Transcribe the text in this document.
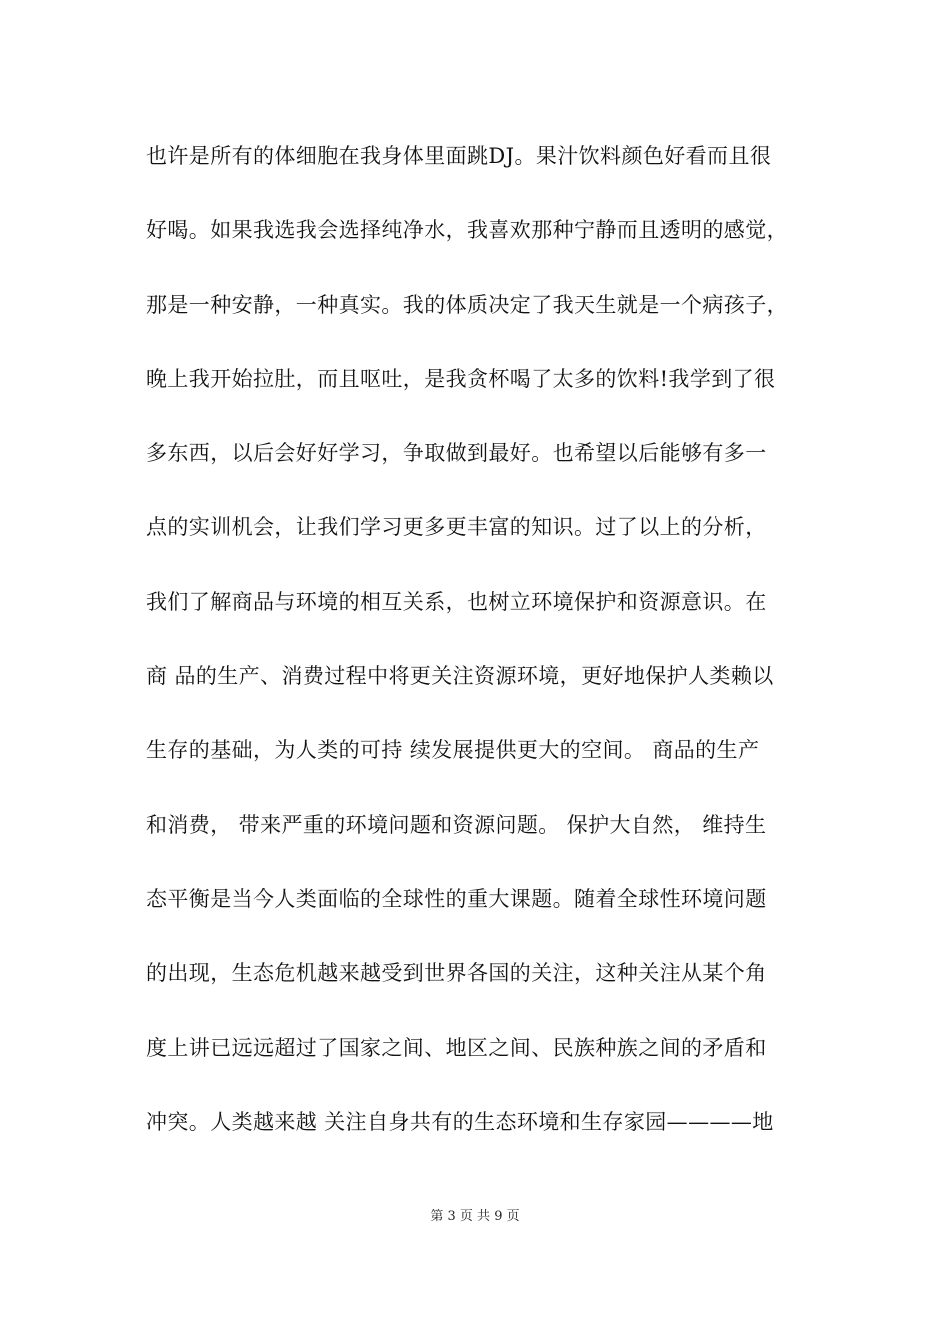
也许是所有的体细胞在我身体里面跳DJ。果汁饮料颜色好看而且很
好喝。如果我选我会选择纯净水，我喜欢那种宁静而且透明的感觉，
那是一种安静，一种真实。我的体质决定了我天生就是一个病孩子，
晚上我开始拉肚，而且呕吐，是我贪杯喝了太多的饮料!我学到了很
多东西，以后会好好学习，争取做到最好。也希望以后能够有多一
点的实训机会，让我们学习更多更丰富的知识。过了以上的分析，
我们了解商品与环境的相互关系，也树立环境保护和资源意识。在
商 品的生产、消费过程中将更关注资源环境，更好地保护人类赖以
生存的基础，为人类的可持 续发展提供更大的空间。 商品的生产
和消费， 带来严重的环境问题和资源问题。 保护大自然， 维持生
态平衡是当今人类面临的全球性的重大课题。随着全球性环境问题
的出现，生态危机越来越受到世界各国的关注，这种关注从某个角
度上讲已远远超过了国家之间、地区之间、民族种族之间的矛盾和
冲突。人类越来越 关注自身共有的生态环境和生存家园————地
第 3 页 共 9 页
